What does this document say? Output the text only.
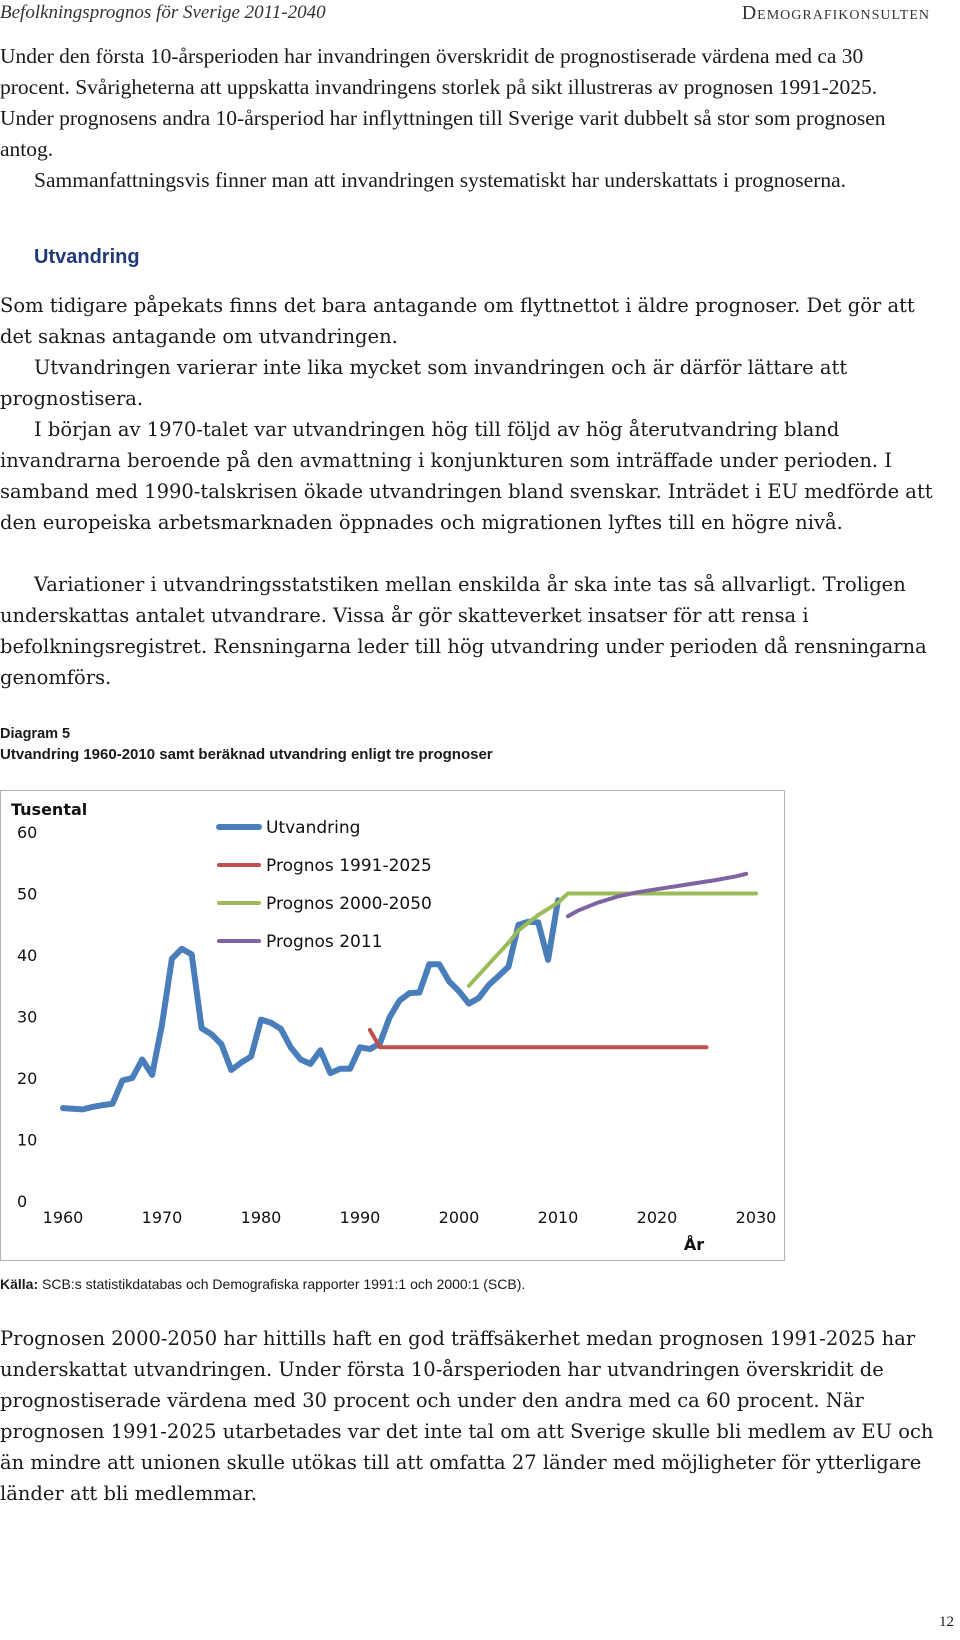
Befolkningsprognos för Sverige 2011-2040	Demografikonsulten

Under den första 10-årsperioden har invandringen överskridit de prognostiserade värdena med ca 30 procent. Svårigheterna att uppskatta invandringens storlek på sikt illustreras av prognosen 1991-2025. Under prognosens andra 10-årsperiod har inflyttningen till Sverige varit dubbelt så stor som prognosen antog.

Sammanfattningsvis finner man att invandringen systematiskt har underskattats i prognoserna.

Utvandring

Som tidigare påpekats finns det bara antagande om flyttnettot i äldre prognoser. Det gör att det saknas antagande om utvandringen.

Utvandringen varierar inte lika mycket som invandringen och är därför lättare att prognostisera.

I början av 1970-talet var utvandringen hög till följd av hög återutvandring bland invandrarna beroende på den avmattning i konjunkturen som inträffade under perioden. I samband med 1990-talskrisen ökade utvandringen bland svenskar. Inträdet i EU medförde att den europeiska arbetsmarknaden öppnades och migrationen lyftes till en högre nivå.

Variationer i utvandringsstatstiken mellan enskilda år ska inte tas så allvarligt. Troligen underskattas antalet utvandrare. Vissa år gör skatteverket insatser för att rensa i befolkningsregistret. Rensningarna leder till hög utvandring under perioden då rensningarna genomförs.

Diagram 5
Utvandring 1960-2010 samt beräknad utvandring enligt tre prognoser
Tusental
0
10
20
30
40
50
60
1960	1970	1980	1990	2000	2010	2020	2030
År
Utvandring
Prognos 1991-2025
Prognos 2000-2050
Prognos 2011
Källa: SCB:s statistikdatabas och Demografiska rapporter 1991:1 och 2000:1 (SCB).

Prognosen 2000-2050 har hittills haft en god träffsäkerhet medan prognosen 1991-2025 har underskattat utvandringen. Under första 10-årsperioden har utvandringen överskridit de prognostiserade värdena med 30 procent och under den andra med ca 60 procent. När prognosen 1991-2025 utarbetades var det inte tal om att Sverige skulle bli medlem av EU och än mindre att unionen skulle utökas till att omfatta 27 länder med möjligheter för ytterligare länder att bli medlemmar.

12
